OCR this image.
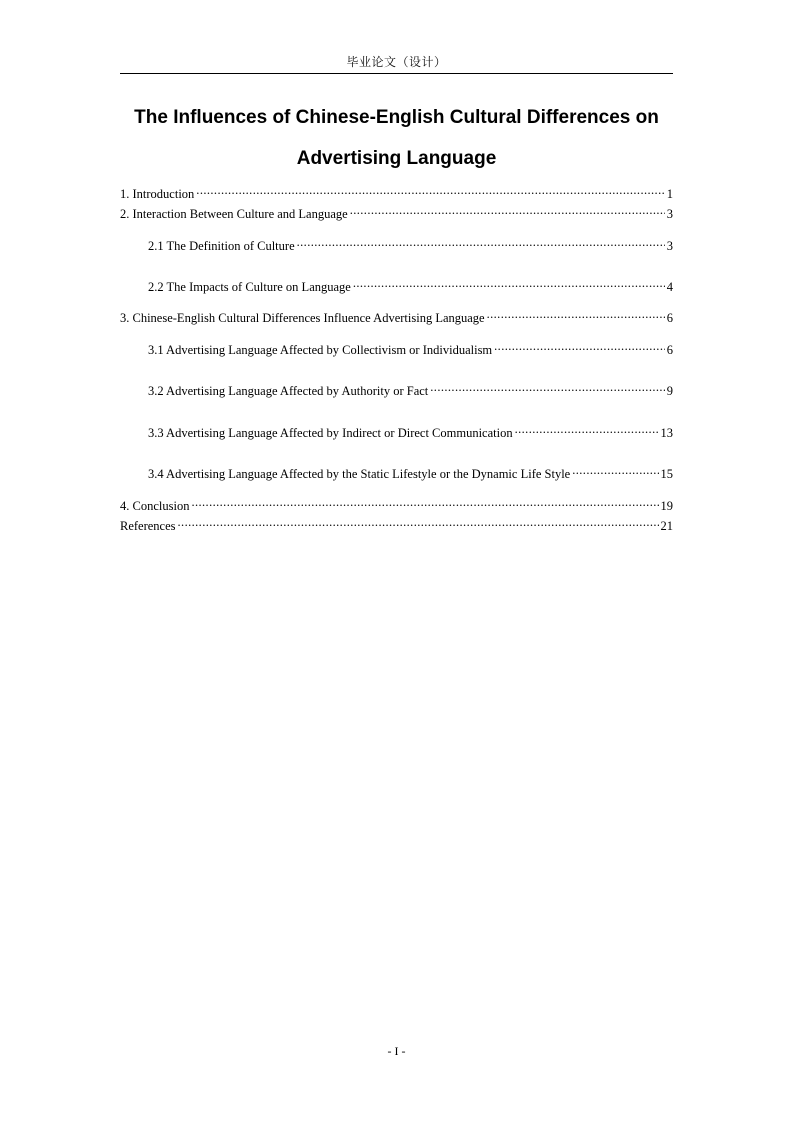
毕业论文（设计）
The Influences of Chinese-English Cultural Differences on
Advertising Language
1. Introduction .....	1
2. Interaction Between Culture and Language .....	3
2.1 The Definition of Culture .....	3
2.2 The Impacts of Culture on Language .....	4
3. Chinese-English Cultural Differences Influence Advertising Language .....	6
3.1 Advertising Language Affected by Collectivism or Individualism .....	6
3.2 Advertising Language Affected by Authority or Fact .....	9
3.3 Advertising Language Affected by Indirect or Direct Communication .....	13
3.4 Advertising Language Affected by the Static Lifestyle or the Dynamic Life Style .....	15
4. Conclusion .....	19
References .....	21
- I -
